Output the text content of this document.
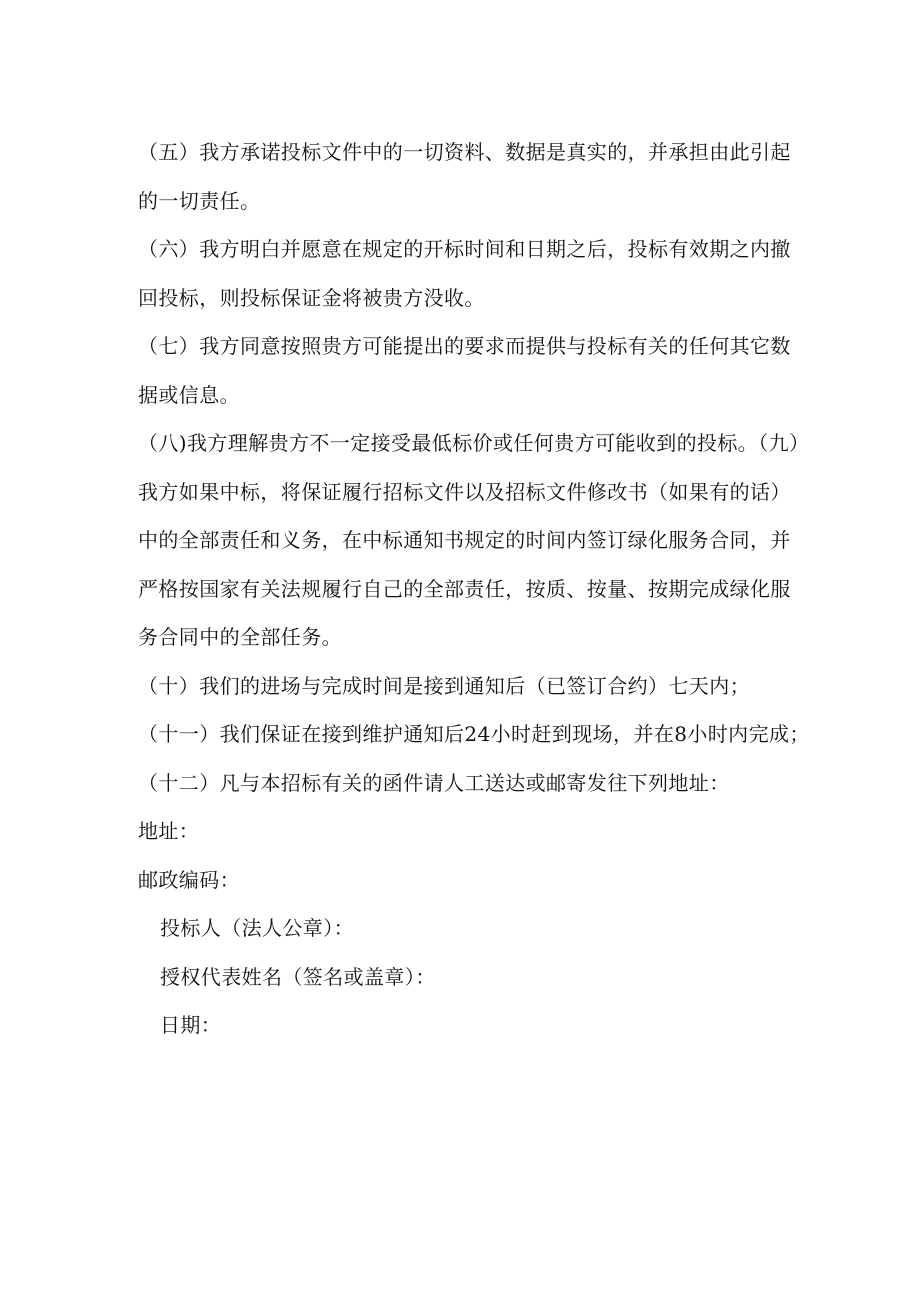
（五）我方承诺投标文件中的一切资料、数据是真实的，并承担由此引起

的一切责任。

（六）我方明白并愿意在规定的开标时间和日期之后，投标有效期之内撤

回投标，则投标保证金将被贵方没收。

（七）我方同意按照贵方可能提出的要求而提供与投标有关的任何其它数

据或信息。

（八)我方理解贵方不一定接受最低标价或任何贵方可能收到的投标。（九）

我方如果中标，将保证履行招标文件以及招标文件修改书（如果有的话）

中的全部责任和义务，在中标通知书规定的时间内签订绿化服务合同，并

严格按国家有关法规履行自己的全部责任，按质、按量、按期完成绿化服

务合同中的全部任务。

（十）我们的进场与完成时间是接到通知后（已签订合约）七天内；

（十一）我们保证在接到维护通知后24小时赶到现场，并在8小时内完成；

（十二）凡与本招标有关的函件请人工送达或邮寄发往下列地址：

地址：

邮政编码：

投标人（法人公章）：

授权代表姓名（签名或盖章）：

日期：
